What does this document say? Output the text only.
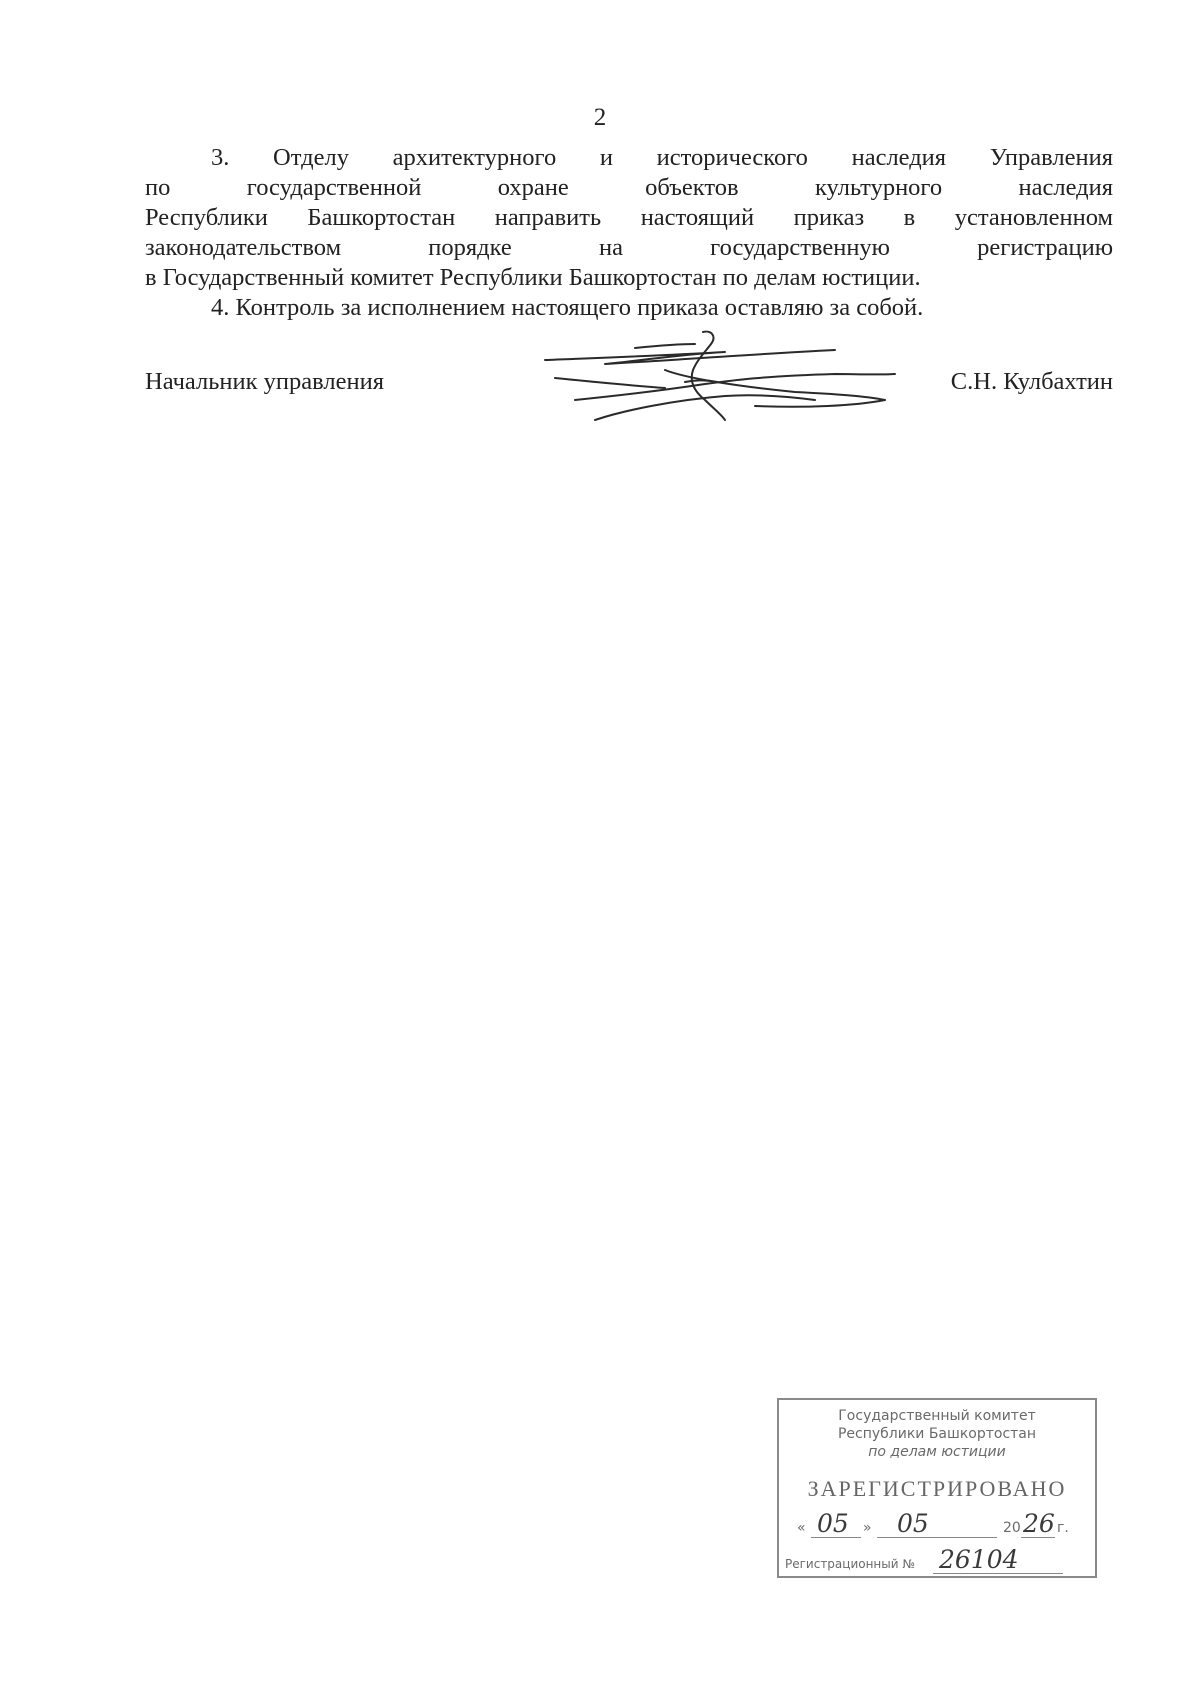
2

3. Отделу архитектурного и исторического наследия Управления
по государственной охране объектов культурного наследия
Республики Башкортостан направить настоящий приказ в установленном
законодательством порядке на государственную регистрацию
в Государственный комитет Республики Башкортостан по делам юстиции.

4. Контроль за исполнением настоящего приказа оставляю за собой.

Начальник управления	С.Н. Кулбахтин
Государственный комитет
Республики Башкортостан
по делам юстиции
ЗАРЕГИСТРИРОВАНО
« 05 » 05	20 26 г.
Регистрационный № 26104
